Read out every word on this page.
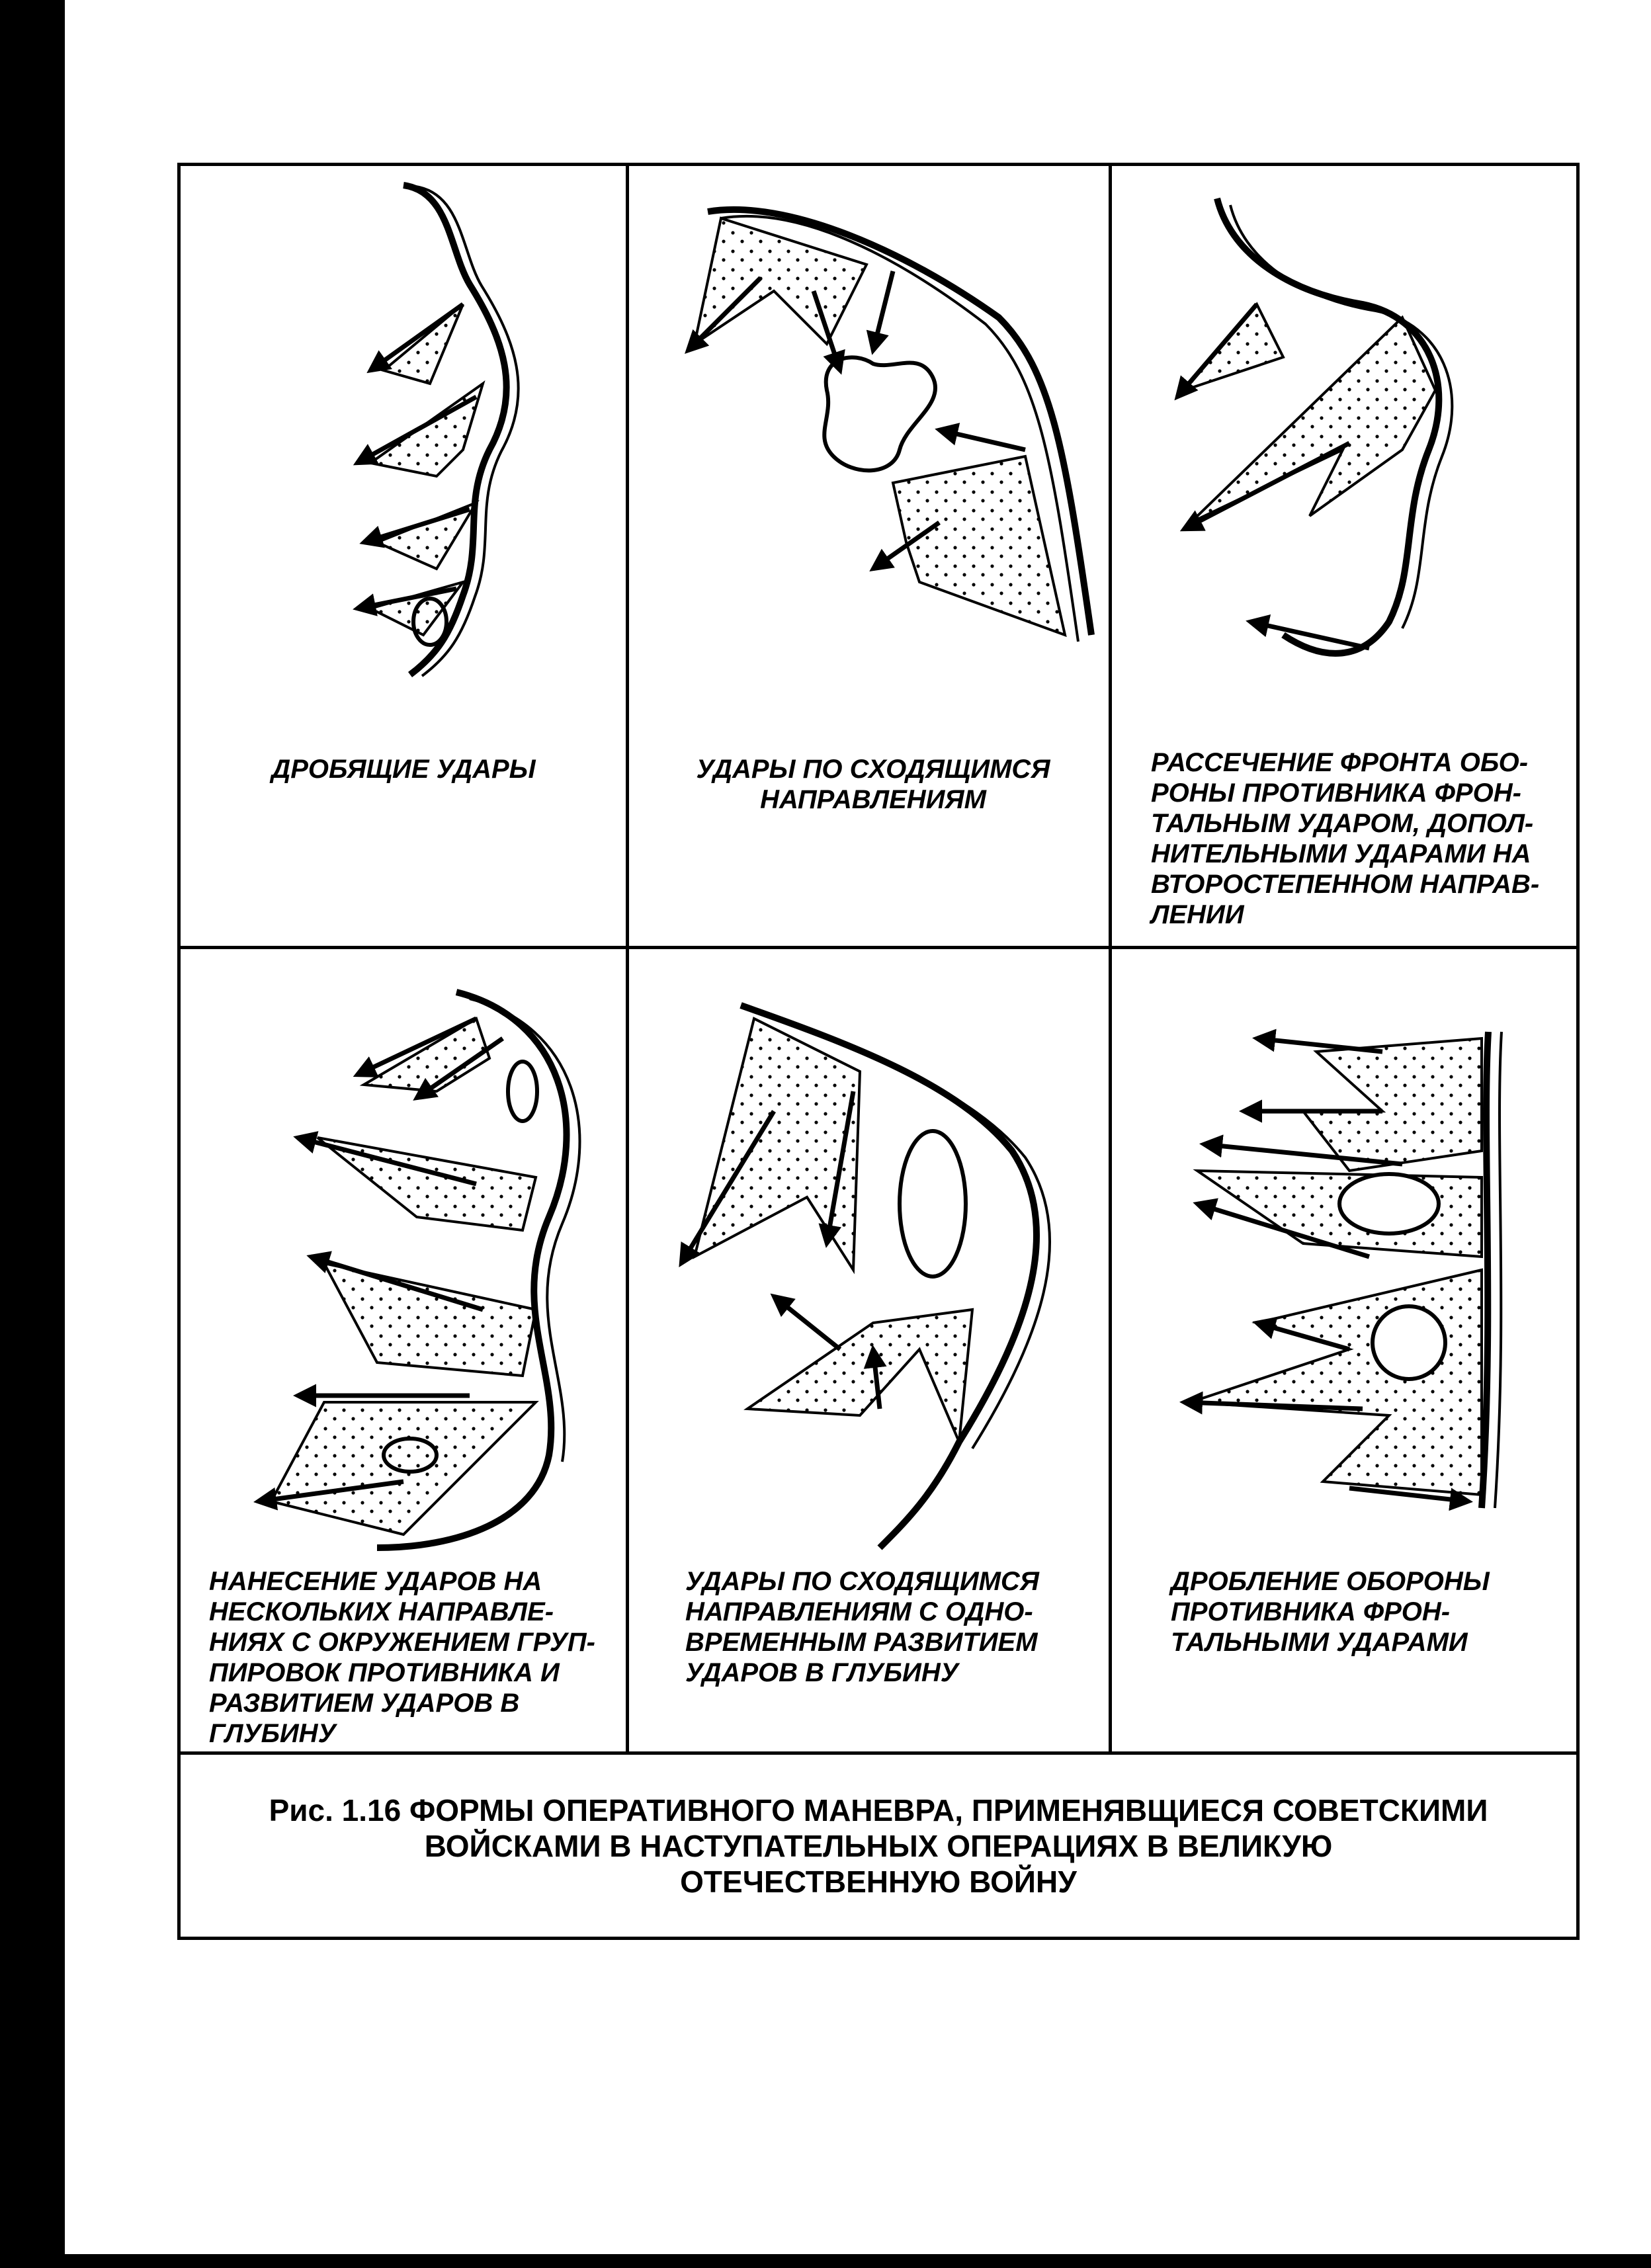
ДРОБЯЩИЕ УДАРЫ	УДАРЫ ПО СХОДЯЩИМСЯ
НАПРАВЛЕНИЯМ
РАССЕЧЕНИЕ ФРОНТА ОБО-
РОНЫ ПРОТИВНИКА ФРОН-
ТАЛЬНЫМ УДАРОМ, ДОПОЛ-
НИТЕЛЬНЫМИ УДАРАМИ НА
ВТОРОСТЕПЕННОМ НАПРАВ-
ЛЕНИИ
НАНЕСЕНИЕ УДАРОВ НА
НЕСКОЛЬКИХ НАПРАВЛЕ-
НИЯХ С ОКРУЖЕНИЕМ ГРУП-
ПИРОВОК ПРОТИВНИКА И
РАЗВИТИЕМ УДАРОВ В
ГЛУБИНУ
УДАРЫ ПО СХОДЯЩИМСЯ
НАПРАВЛЕНИЯМ С ОДНО-
ВРЕМЕННЫМ РАЗВИТИЕМ
УДАРОВ В ГЛУБИНУ
ДРОБЛЕНИЕ ОБОРОНЫ
ПРОТИВНИКА ФРОН-
ТАЛЬНЫМИ УДАРАМИ
Рис. 1.16 ФОРМЫ ОПЕРАТИВНОГО МАНЕВРА, ПРИМЕНЯВЩИЕСЯ СОВЕТСКИМИ
ВОЙСКАМИ В НАСТУПАТЕЛЬНЫХ ОПЕРАЦИЯХ В ВЕЛИКУЮ
ОТЕЧЕСТВЕННУЮ ВОЙНУ
